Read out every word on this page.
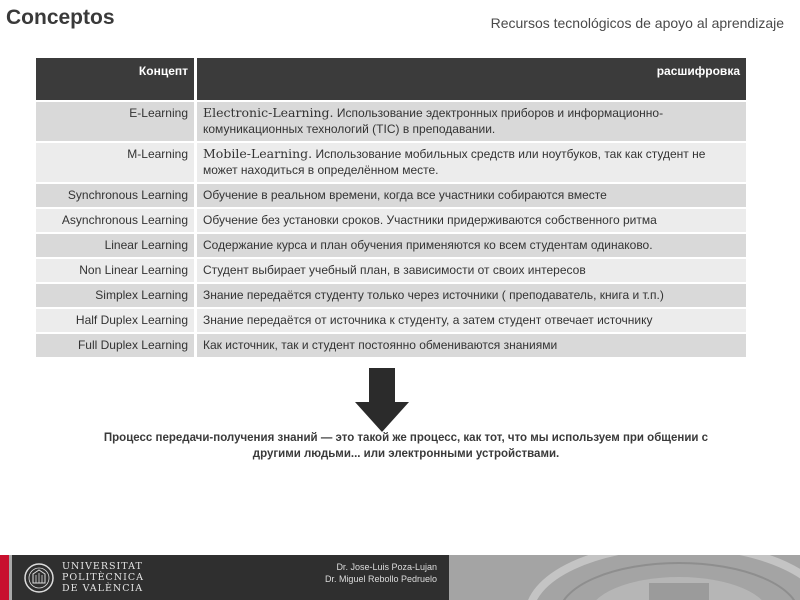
Conceptos	Recursos tecnológicos de apoyo al aprendizaje
Концепт	расшифровка
E-Learning	Electronic-Learning. Использование эдектронных приборов и информационно-комуникационных технологий (TIC) в преподавании.
M-Learning	Mobile-Learning. Использование мобильных средств или ноутбуков, так как студент не может находиться в определённом месте.
Synchronous Learning	Обучение в реальном времени, когда все участники собираются вместе
Asynchronous Learning	Обучение без установки сроков. Участники придерживаются собственного ритма
Linear Learning	Содержание курса и план обучения применяются ко всем студентам одинаково.
Non Linear Learning	Студент выбирает учебный план, в зависимости от своих интересов
Simplex Learning	Знание передаётся студенту только через источники ( преподаватель, книга и т.п.)
Half Duplex Learning	Знание передаётся от источника к студенту, а затем студент отвечает источнику
Full Duplex Learning	Как источник, так и студент постоянно обмениваются знаниями
Процесс передачи-получения знаний — это такой же процесс, как тот, что мы используем при общении с другими людьми... или электронными устройствами.
UNIVERSITAT
POLITÈCNICA
DE VALÈNCIA
Dr. Jose-Luis Poza-Lujan
Dr. Miguel Rebollo Pedruelo
